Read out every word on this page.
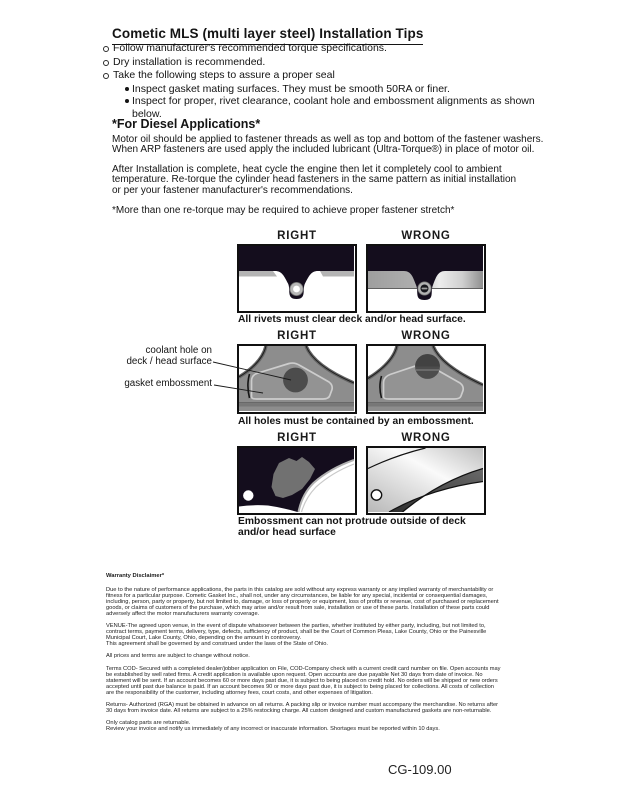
Cometic MLS (multi layer steel) Installation Tips
Follow manufacturer's recommended torque specifications.
Dry installation is recommended.
Take the following steps to assure a proper seal
Inspect gasket mating surfaces. They must be smooth 50RA or finer.
Inspect for proper, rivet clearance, coolant hole and embossment alignments as shown below.
*For Diesel Applications*
Motor oil should be applied to fastener threads as well as top and bottom of the fastener washers.
When ARP fasteners are used apply the included lubricant (Ultra-Torque®) in place of motor oil.
After Installation is complete, heat cycle the engine then let it completely cool to ambient
temperature. Re-torque the cylinder head fasteners in the same pattern as initial installation
or per your fastener manufacturer's recommendations.
*More than one re-torque may be required to achieve proper fastener stretch*
RIGHT	WRONG
All rivets must clear deck and/or head surface.
RIGHT	WRONG
coolant hole on
deck / head surface
gasket embossment
All holes must be contained by an embossment.
RIGHT	WRONG
Embossment can not protrude outside of deck
and/or head surface
Warranty Disclaimer*
Due to the nature of performance applications, the parts in this catalog are sold without any express warranty or any implied warranty of merchantability or
fitness for a particular purpose. Cometic Gasket Inc., shall not, under any circumstances, be liable for any special, incidental or consequential damages,
including, person, party or property, but not limited to, damage, or loss of property or equipment, loss of profits or revenue, cost of purchased or replacement
goods, or claims of customers of the purchase, which may arise and/or result from sale, installation or use of these parts. Installation of these parts could
adversely affect the motor manufacturers warranty coverage.
VENUE-The agreed upon venue, in the event of dispute whatsoever between the parties, whether instituted by either party, including, but not limited to,
contract terms, payment terms, delivery, type, defects, sufficiency of product, shall be the Court of Common Pleas, Lake County, Ohio or the Painesville
Municipal Court, Lake County, Ohio, depending on the amount in controversy.
This agreement shall be governed by and construed under the laws of the State of Ohio.
All prices and terms are subject to change without notice.
Terms COD- Secured with a completed dealer/jobber application on File, COD-Company check with a current credit card number on file. Open accounts may
be established by well rated firms. A credit application is available upon request. Open accounts are due payable Net 30 days from date of invoice. No
statement will be sent. If an account becomes 60 or more days past due, it is subject to being placed on credit hold. No orders will be shipped or new orders
accepted until past due balance is paid. If an account becomes 90 or more days past due, it is subject to being placed for collections. All costs of collection
are the responsibility of the customer, including attorney fees, court costs, and other expenses of litigation.
Returns- Authorized (RGA) must be obtained in advance on all returns. A packing slip or invoice number must accompany the merchandise. No returns after
30 days from invoice date. All returns are subject to a 25% restocking charge. All custom designed and custom manufactured gaskets are non-returnable.
Only catalog parts are returnable.
Review your invoice and notify us immediately of any incorrect or inaccurate information. Shortages must be reported within 10 days.
CG-109.00
